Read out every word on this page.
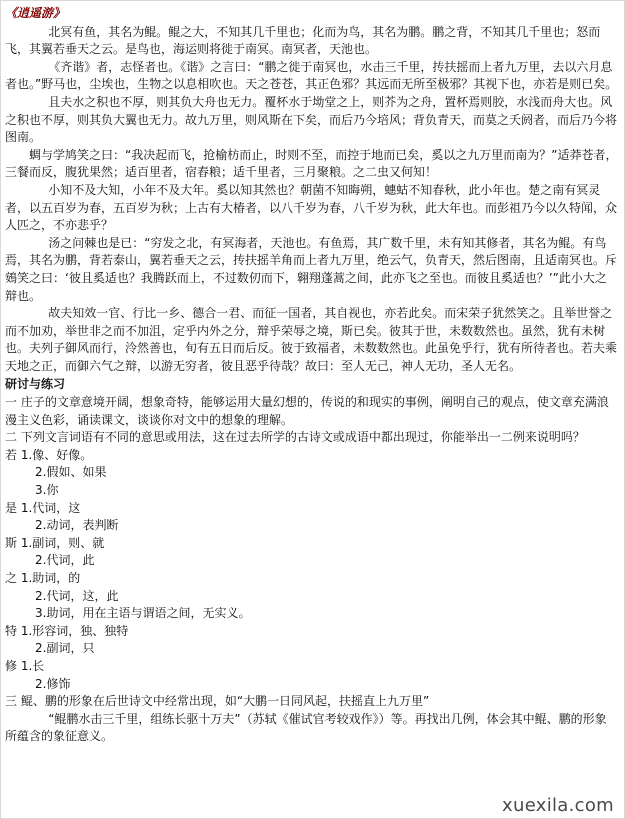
《逍遥游》

北冥有鱼，其名为鲲。鲲之大，不知其几千里也；化而为鸟，其名为鹏。鹏之背，不知其几千里也；怒而飞，其翼若垂天之云。是鸟也，海运则将徙于南冥。南冥者，天池也。

《齐谐》者，志怪者也。《谐》之言曰：“鹏之徙于南冥也，水击三千里，抟扶摇而上者九万里，去以六月息者也。”野马也，尘埃也，生物之以息相吹也。天之苍苍，其正色邪？其远而无所至极邪？其视下也，亦若是则已矣。

且夫水之积也不厚，则其负大舟也无力。覆杯水于坳堂之上，则芥为之舟，置杯焉则胶，水浅而舟大也。风之积也不厚，则其负大翼也无力。故九万里，则风斯在下矣，而后乃今培风；背负青天，而莫之夭阏者，而后乃今将图南。

蜩与学鸠笑之曰：“我决起而飞，抢榆枋而止，时则不至，而控于地而已矣，奚以之九万里而南为？”适莽苍者，三餐而反，腹犹果然；适百里者，宿舂粮；适千里者，三月聚粮。之二虫又何知！

小知不及大知，小年不及大年。奚以知其然也？朝菌不知晦朔，蟪蛄不知春秋，此小年也。楚之南有冥灵者，以五百岁为春，五百岁为秋；上古有大椿者，以八千岁为春，八千岁为秋，此大年也。而彭祖乃今以久特闻，众人匹之，不亦悲乎？

汤之问棘也是已：“穷发之北，有冥海者，天池也。有鱼焉，其广数千里，未有知其修者，其名为鲲。有鸟焉，其名为鹏，背若泰山，翼若垂天之云，抟扶摇羊角而上者九万里，绝云气，负青天，然后图南，且适南冥也。斥鴳笑之曰：‘彼且奚适也？我腾跃而上，不过数仞而下，翱翔蓬蒿之间，此亦飞之至也。而彼且奚适也？’”此小大之辩也。

故夫知效一官、行比一乡、德合一君、而征一国者，其自视也，亦若此矣。而宋荣子犹然笑之。且举世誉之而不加劝，举世非之而不加沮，定乎内外之分，辩乎荣辱之境，斯已矣。彼其于世，未数数然也。虽然，犹有未树也。夫列子御风而行，泠然善也，旬有五日而后反。彼于致福者，未数数然也。此虽免乎行，犹有所待者也。若夫乘天地之正，而御六气之辩，以游无穷者，彼且恶乎待哉？故曰：至人无己，神人无功，圣人无名。

研讨与练习

一 庄子的文章意境开阔，想象奇特，能够运用大量幻想的，传说的和现实的事例，阐明自己的观点，使文章充满浪漫主义色彩，诵读课文，谈谈你对文中的想象的理解。

二 下列文言词语有不同的意思或用法，这在过去所学的古诗文或成语中都出现过，你能举出一二例来说明吗？

若 1.像、好像。
2.假如、如果
3.你
是 1.代词，这
2.动词，表判断
斯 1.副词，则、就
2.代词，此
之 1.助词，的
2.代词，这，此
3.助词，用在主语与谓语之间，无实义。
特 1.形容词，独、独特
2.副词，只
修 1.长
2.修饰

三 鲲、鹏的形象在后世诗文中经常出现，如“大鹏一日同风起，扶摇直上九万里”

“鲲鹏水击三千里，组练长驱十万夫”（苏轼《催试官考较戏作》）等。再找出几例，体会其中鲲、鹏的形象所蕴含的象征意义。

xuexila.com
